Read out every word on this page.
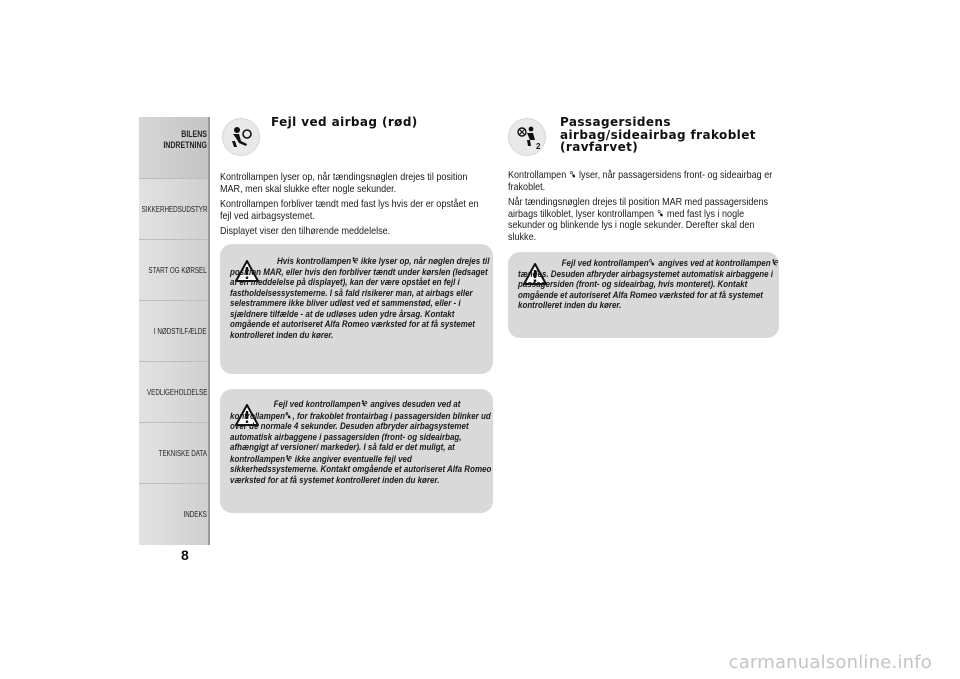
BILENS
INDRETNING
SIKKERHEDSUDSTYR
START OG KØRSEL
I NØDSTILFÆLDE
VEDLIGEHOLDELSE
TEKNISKE DATA
INDEKS
8
Fejl ved airbag (rød)

Kontrollampen lyser op, når tændingsnøglen drejes til position MAR, men skal slukke efter nogle sekunder.

Kontrollampen forbliver tændt med fast lys hvis der er opstået en fejl ved airbagsystemet.

Displayet viser den tilhørende meddelelse.

Hvis kontrollampen ikke lyser op, når nøglen drejes til position MAR, eller hvis den forbliver tændt under kørslen (ledsaget af en meddelelse på displayet), kan der være opstået en fejl i fastholdelsessystemerne. I så fald risikerer man, at airbags eller selestrammere ikke bliver udløst ved et sammenstød, eller - i sjældnere tilfælde - at de udløses uden ydre årsag. Kontakt omgående et autoriseret Alfa Romeo værksted for at få systemet kontrolleret inden du kører.
Fejl ved kontrollampen angives desuden ved at kontrollampen , for frakoblet frontairbag i passagersiden blinker ud over de normale 4 sekunder. Desuden afbryder airbagsystemet automatisk airbaggene i passagersiden (front- og sideairbag, afhængigt af versioner/ markeder). I så fald er det muligt, at kontrollampen ikke angiver eventuelle fejl ved sikkerhedssystemerne. Kontakt omgående et autoriseret Alfa Romeo værksted for at få systemet kontrolleret inden du kører.
2
Passagersidens
airbag/sideairbag frakoblet
(ravfarvet)

Kontrollampen  lyser, når passagersidens front- og sideairbag er frakoblet.

Når tændingsnøglen drejes til position MAR med passagersidens airbags tilkoblet, lyser kontrollampen  med fast lys i nogle sekunder og blinkende lys i nogle sekunder. Derefter skal den slukke.

Fejl ved kontrollampen angives ved at kontrollampen tændes. Desuden afbryder airbagsystemet automatisk airbaggene i passagersiden (front- og sideairbag, hvis monteret). Kontakt omgående et autoriseret Alfa Romeo værksted for at få systemet kontrolleret inden du kører.
carmanualsonline.info
